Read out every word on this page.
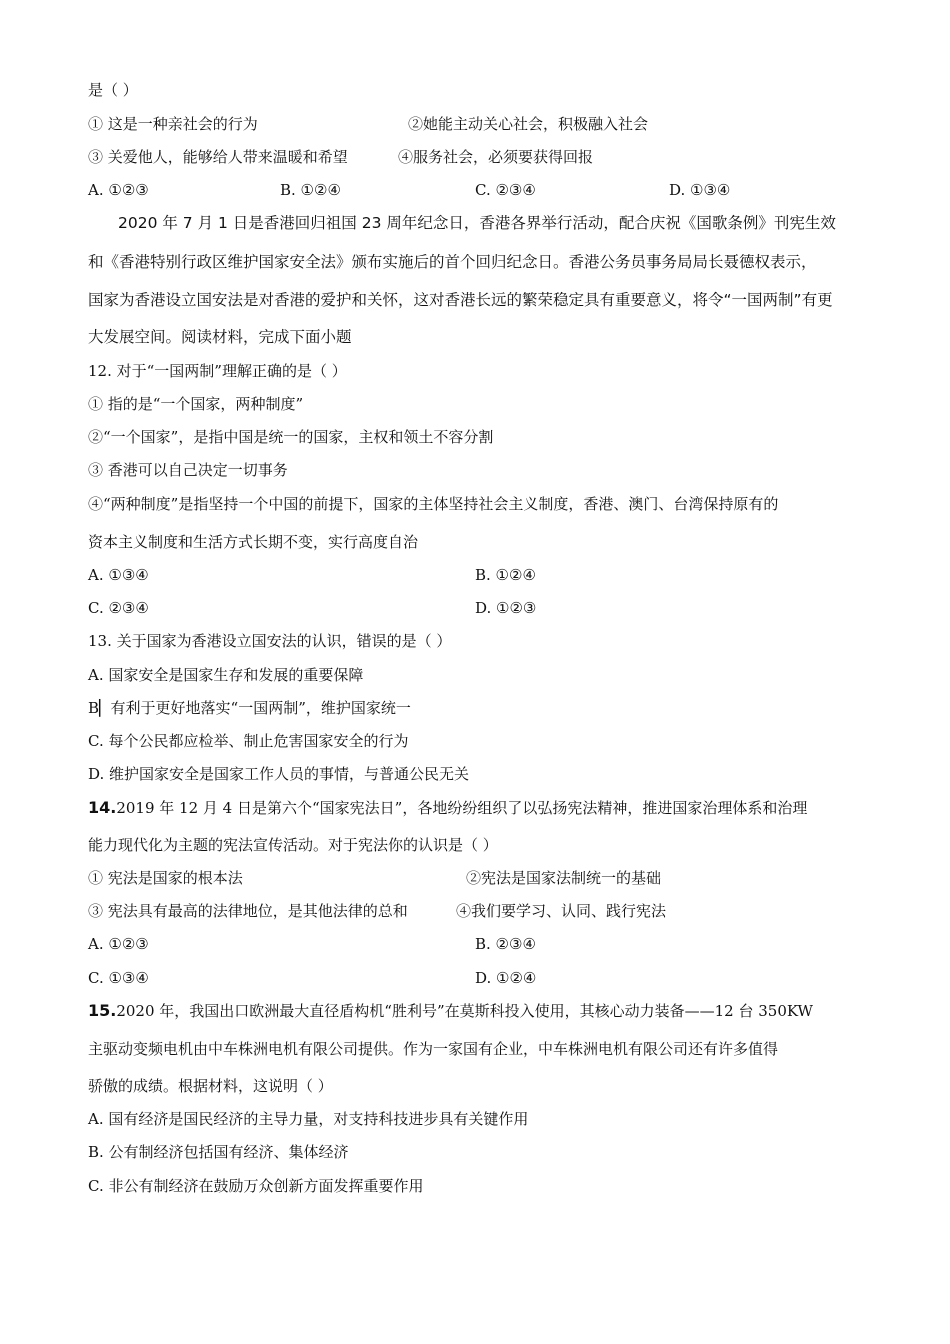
是（ ）
① 这是一种亲社会的行为	②她能主动关心社会，积极融入社会
③ 关爱他人，能够给人带来温暖和希望	④服务社会，必须要获得回报
A. ①②③	B. ①②④	C. ②③④	D. ①③④
2020 年 7 月 1 日是香港回归祖国 23 周年纪念日，香港各界举行活动，配合庆祝《国歌条例》刊宪生效
和《香港特别行政区维护国家安全法》颁布实施后的首个回归纪念日。香港公务员事务局局长聂德权表示，
国家为香港设立国安法是对香港的爱护和关怀，这对香港长远的繁荣稳定具有重要意义，将令“一国两制”有更
大发展空间。阅读材料，完成下面小题
12. 对于“一国两制”理解正确的是（ ）
① 指的是“一个国家，两种制度”
②“一个国家”，是指中国是统一的国家，主权和领土不容分割
③ 香港可以自己决定一切事务
④“两种制度”是指坚持一个中国的前提下，国家的主体坚持社会主义制度，香港、澳门、台湾保持原有的
资本主义制度和生活方式长期不变，实行高度自治
A. ①③④	B. ①②④
C. ②③④	D. ①②③
13. 关于国家为香港设立国安法的认识，错误的是（ ）
A. 国家安全是国家生存和发展的重要保障
B▏有利于更好地落实“一国两制”，维护国家统一
C. 每个公民都应检举、制止危害国家安全的行为
D. 维护国家安全是国家工作人员的事情，与普通公民无关
14.2019 年 12 月 4 日是第六个“国家宪法日”，各地纷纷组织了以弘扬宪法精神，推进国家治理体系和治理
能力现代化为主题的宪法宣传活动。对于宪法你的认识是（ ）
① 宪法是国家的根本法	②宪法是国家法制统一的基础
③ 宪法具有最高的法律地位，是其他法律的总和	④我们要学习、认同、践行宪法
A. ①②③	B. ②③④
C. ①③④	D. ①②④
15.2020 年，我国出口欧洲最大直径盾构机“胜利号”在莫斯科投入使用，其核心动力装备——12 台 350KW
主驱动变频电机由中车株洲电机有限公司提供。作为一家国有企业，中车株洲电机有限公司还有许多值得
骄傲的成绩。根据材料，这说明（ ）
A. 国有经济是国民经济的主导力量，对支持科技进步具有关键作用
B. 公有制经济包括国有经济、集体经济
C. 非公有制经济在鼓励万众创新方面发挥重要作用
